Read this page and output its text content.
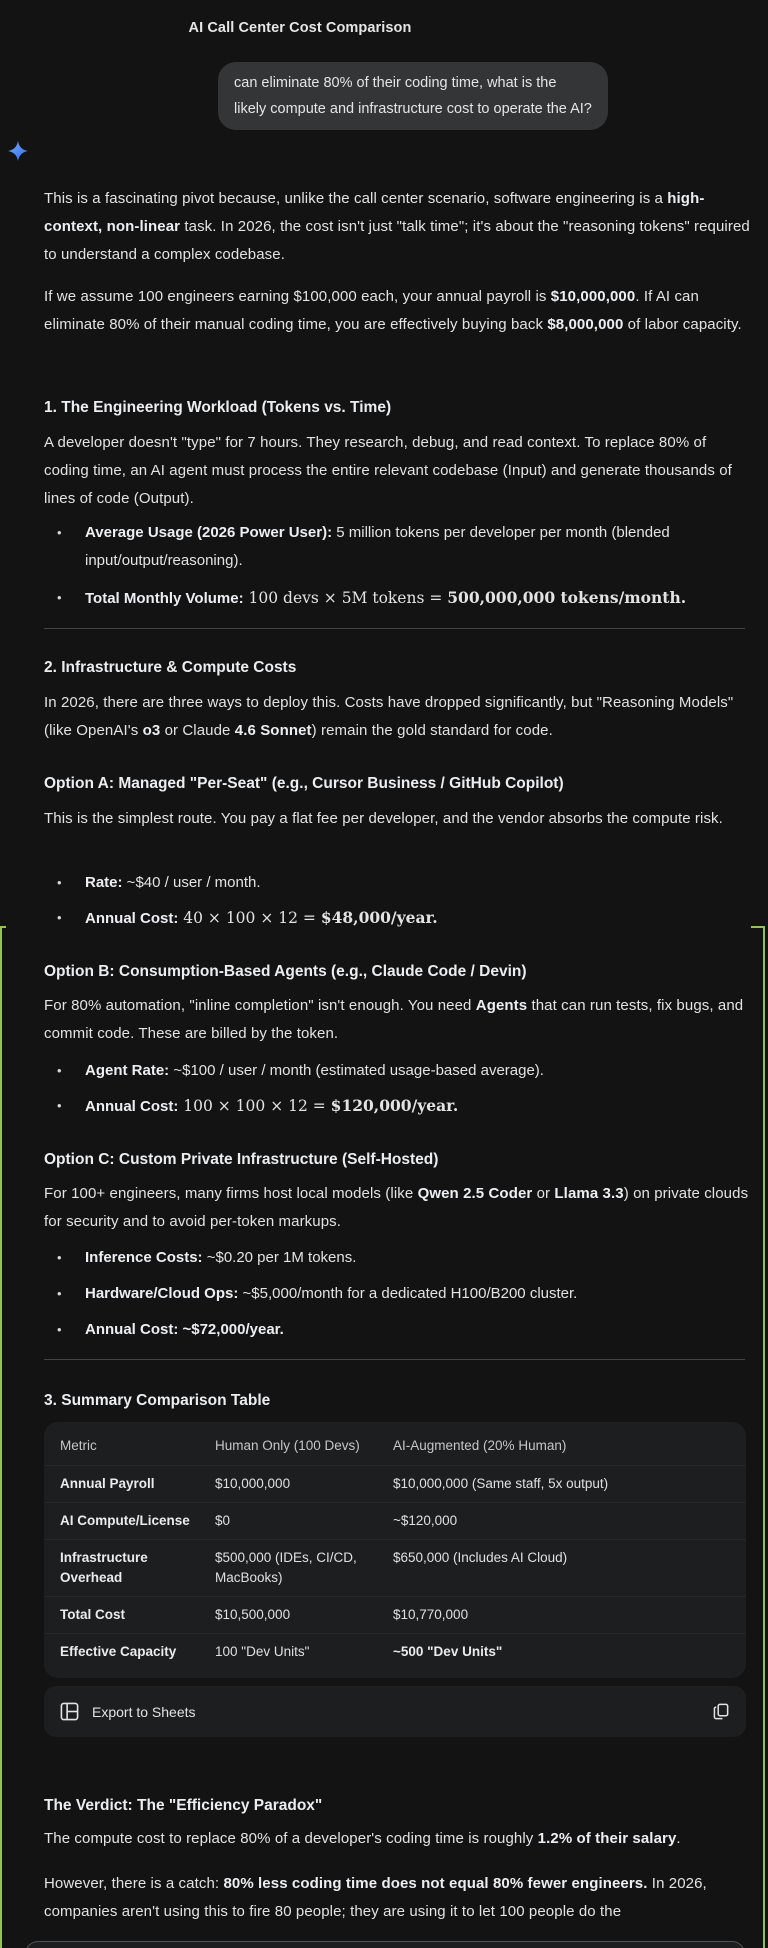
AI Call Center Cost Comparison
can eliminate 80% of their coding time, what is the likely compute and infrastructure cost to operate the AI?
This is a fascinating pivot because, unlike the call center scenario, software engineering is a high-context, non-linear task. In 2026, the cost isn't just "talk time"; it's about the "reasoning tokens" required to understand a complex codebase.
If we assume 100 engineers earning $100,000 each, your annual payroll is $10,000,000. If AI can eliminate 80% of their manual coding time, you are effectively buying back $8,000,000 of labor capacity.
1. The Engineering Workload (Tokens vs. Time)
A developer doesn't "type" for 7 hours. They research, debug, and read context. To replace 80% of coding time, an AI agent must process the entire relevant codebase (Input) and generate thousands of lines of code (Output).
• Average Usage (2026 Power User): 5 million tokens per developer per month (blended input/output/reasoning).
• Total Monthly Volume: 100 devs × 5M tokens = 500,000,000 tokens/month.
2. Infrastructure & Compute Costs
In 2026, there are three ways to deploy this. Costs have dropped significantly, but "Reasoning Models" (like OpenAI's o3 or Claude 4.6 Sonnet) remain the gold standard for code.
Option A: Managed "Per-Seat" (e.g., Cursor Business / GitHub Copilot)
This is the simplest route. You pay a flat fee per developer, and the vendor absorbs the compute risk.
• Rate: ~$40 / user / month.
• Annual Cost: 40 × 100 × 12 = $48,000/year.
Option B: Consumption-Based Agents (e.g., Claude Code / Devin)
For 80% automation, "inline completion" isn't enough. You need Agents that can run tests, fix bugs, and commit code. These are billed by the token.
• Agent Rate: ~$100 / user / month (estimated usage-based average).
• Annual Cost: 100 × 100 × 12 = $120,000/year.
Option C: Custom Private Infrastructure (Self-Hosted)
For 100+ engineers, many firms host local models (like Qwen 2.5 Coder or Llama 3.3) on private clouds for security and to avoid per-token markups.
• Inference Costs: ~$0.20 per 1M tokens.
• Hardware/Cloud Ops: ~$5,000/month for a dedicated H100/B200 cluster.
• Annual Cost: ~$72,000/year.
3. Summary Comparison Table
Metric	Human Only (100 Devs)	AI-Augmented (20% Human)
Annual Payroll	$10,000,000	$10,000,000 (Same staff, 5x output)
AI Compute/License	$0	~$120,000
Infrastructure Overhead	$500,000 (IDEs, CI/CD, MacBooks)	$650,000 (Includes AI Cloud)
Total Cost	$10,500,000	$10,770,000
Effective Capacity	100 "Dev Units"	~500 "Dev Units"
Export to Sheets
The Verdict: The "Efficiency Paradox"
The compute cost to replace 80% of a developer's coding time is roughly 1.2% of their salary.
However, there is a catch: 80% less coding time does not equal 80% fewer engineers. In 2026, companies aren't using this to fire 80 people; they are using it to let 100 people do the
